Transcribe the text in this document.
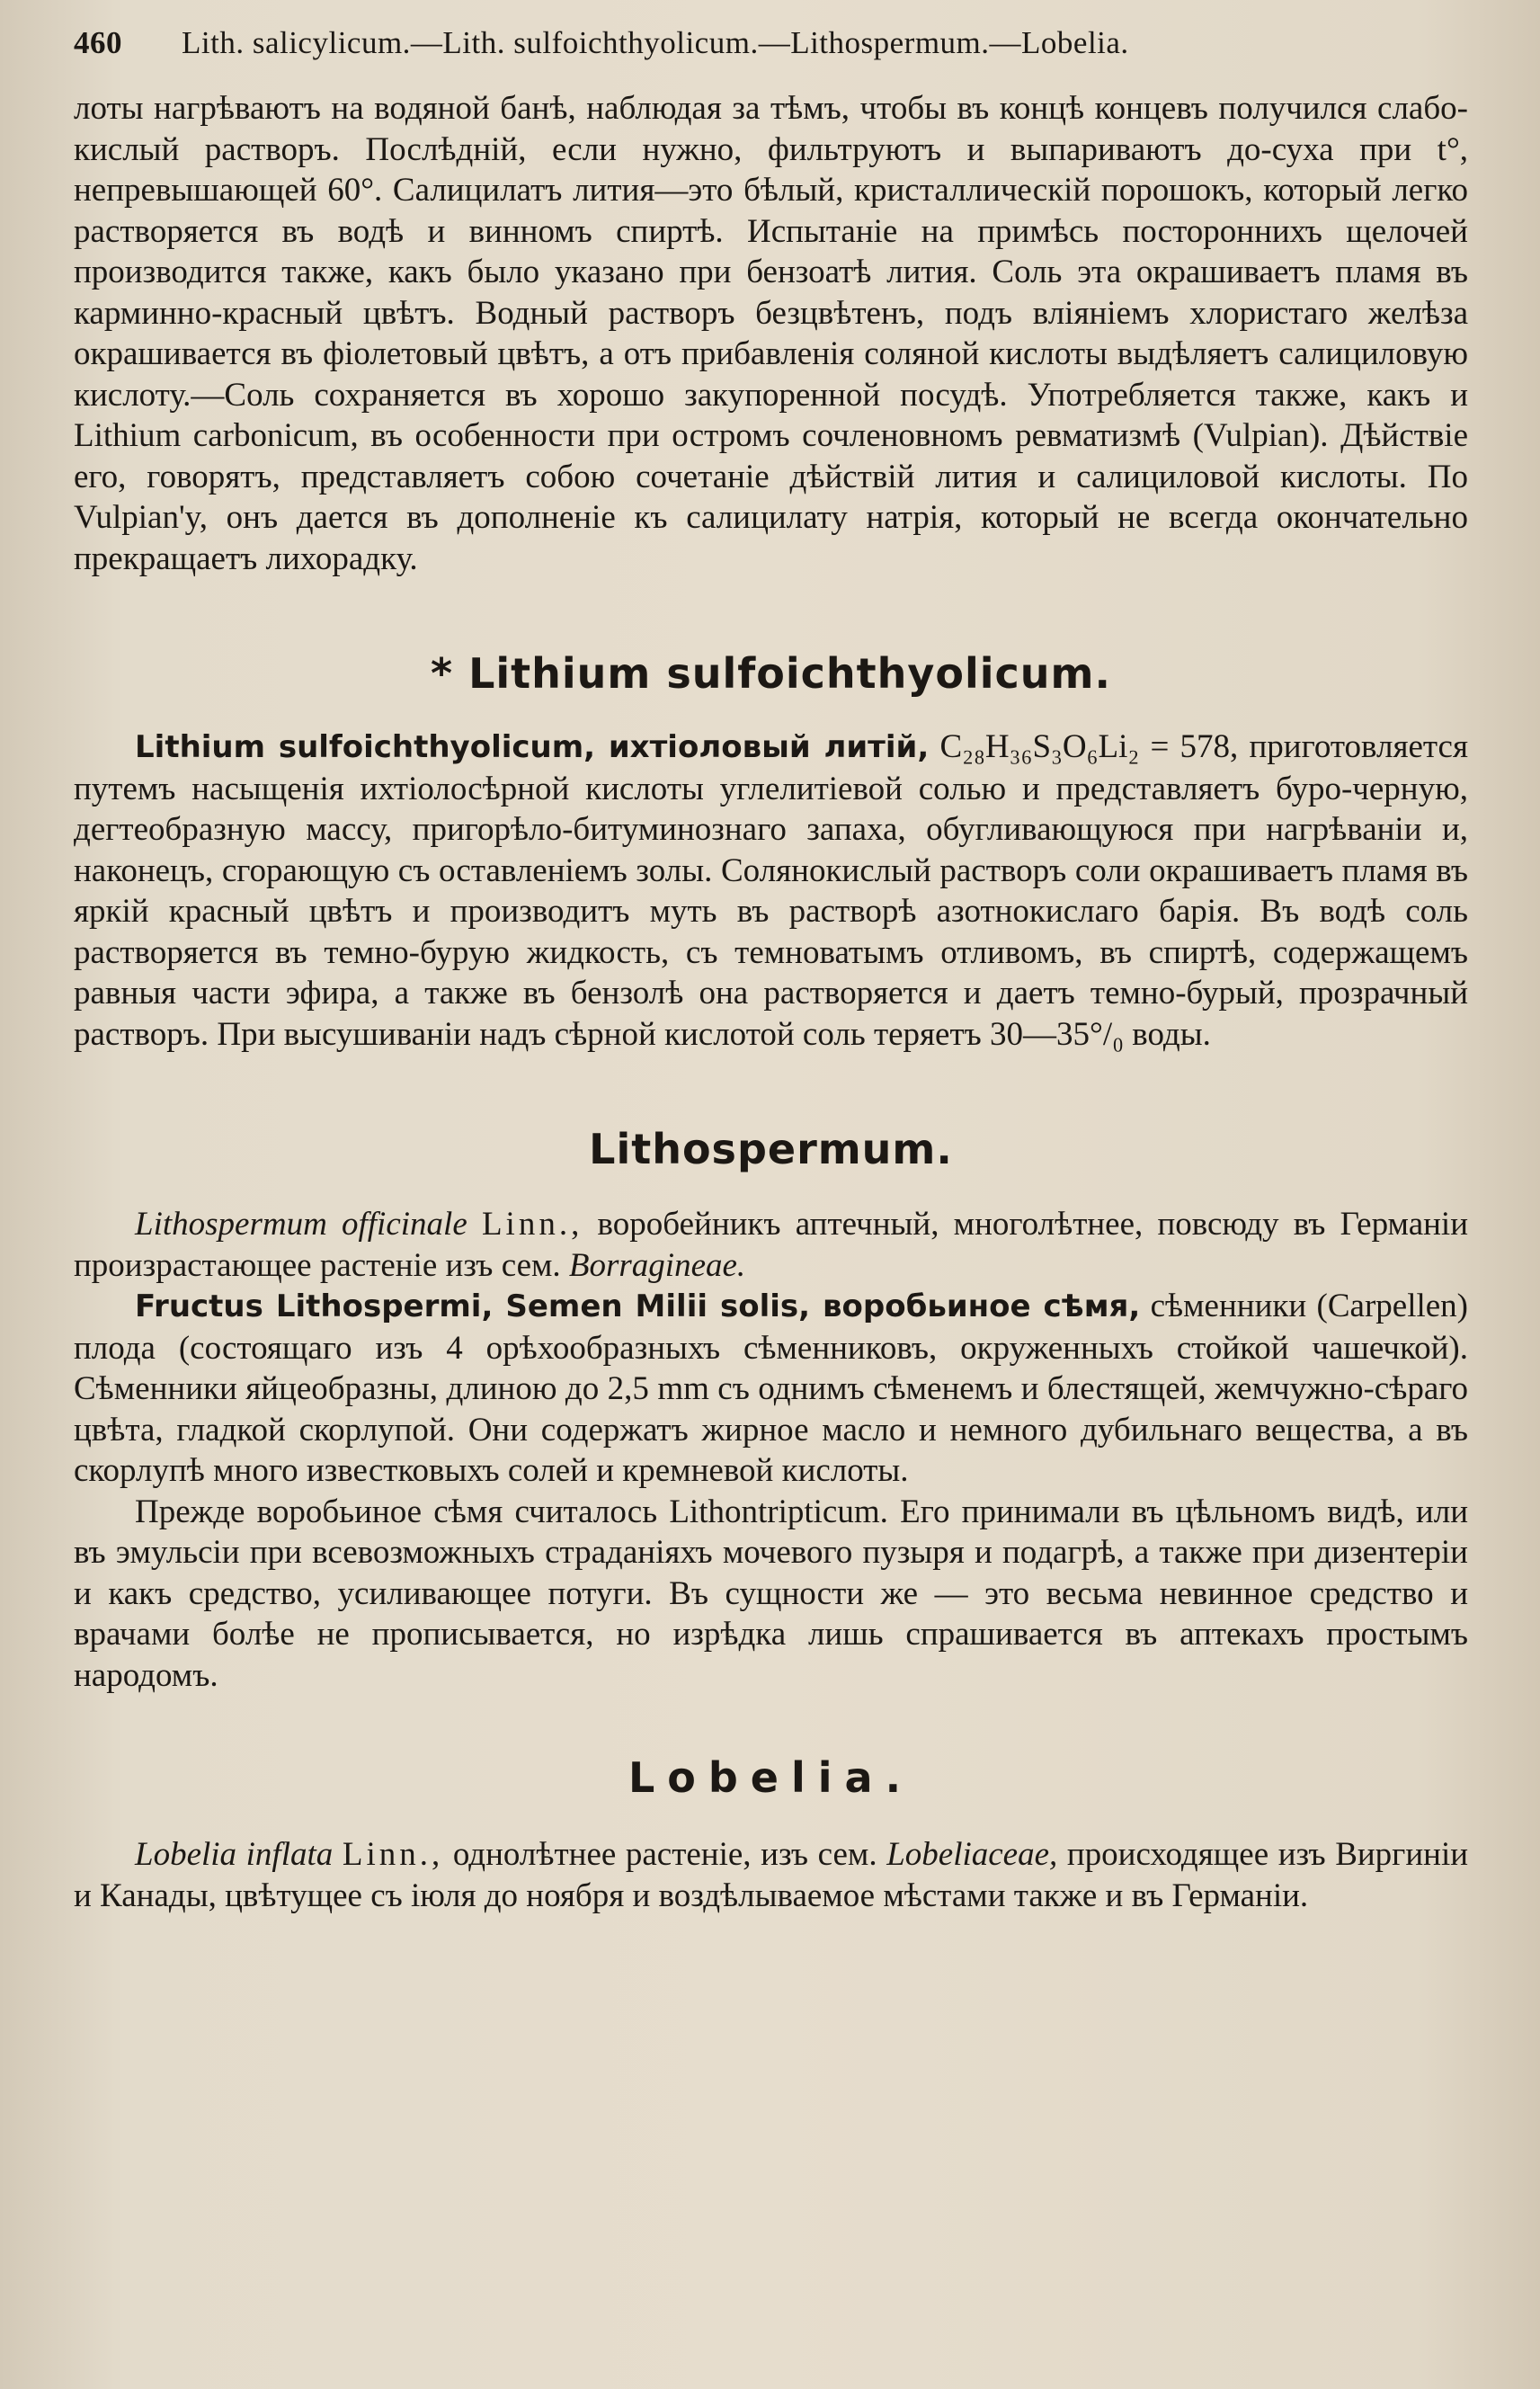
460	Lith. salicylicum.—Lith. sulfoichthyolicum.—Lithospermum.—Lobelia.

лоты нагрѣваютъ на водяной банѣ, наблюдая за тѣмъ, чтобы въ концѣ концевъ получился слабо-кислый растворъ. Послѣдній, если нужно, фильтруютъ и выпариваютъ до-суха при t°, непревышающей 60°. Салицилатъ лития—это бѣлый, кристаллическій порошокъ, который легко растворяется въ водѣ и винномъ спиртѣ. Испытаніе на примѣсь постороннихъ щелочей производится также, какъ было указано при бензоатѣ лития. Соль эта окрашиваетъ пламя въ карминно-красный цвѣтъ. Водный растворъ безцвѣтенъ, подъ вліяніемъ хлористаго желѣза окрашивается въ фіолетовый цвѣтъ, а отъ прибавленія соляной кислоты выдѣляетъ салициловую кислоту.—Соль сохраняется въ хорошо закупоренной посудѣ. Употребляется также, какъ и Lithium carbonicum, въ особенности при остромъ сочленовномъ ревматизмѣ (Vulpian). Дѣйствіе его, говорятъ, представляетъ собою сочетаніе дѣйствій лития и салициловой кислоты. По Vulpian'y, онъ дается въ дополненіе къ салицилату натрія, который не всегда окончательно прекращаетъ лихорадку.

* Lithium sulfoichthyolicum.

Lithium sulfoichthyolicum, ихтіоловый литій, C₂₈H₃₆S₃O₆Li₂ = 578, приготовляется путемъ насыщенія ихтіолосѣрной кислоты углелитіевой солью и представляетъ буро-черную, дегтеобразную массу, пригорѣло-битуминознаго запаха, обугливающуюся при нагрѣваніи и, наконецъ, сгорающую съ оставленіемъ золы. Солянокислый растворъ соли окрашиваетъ пламя въ яркій красный цвѣтъ и производитъ муть въ растворѣ азотнокислаго барія. Въ водѣ соль растворяется въ темно-бурую жидкость, съ темноватымъ отливомъ, въ спиртѣ, содержащемъ равныя части эфира, а также въ бензолѣ она растворяется и даетъ темно-бурый, прозрачный растворъ. При высушиваніи надъ сѣрной кислотой соль теряетъ 30—35°/₀ воды.

Lithospermum.

Lithospermum officinale Linn., воробейникъ аптечный, многолѣтнее, повсюду въ Германіи произрастающее растеніе изъ сем. Borragineae.

Fructus Lithospermi, Semen Milii solis, воробьиное сѣмя, сѣменники (Carpellen) плода (состоящаго изъ 4 орѣхообразныхъ сѣменниковъ, окруженныхъ стойкой чашечкой). Сѣменники яйцеобразны, длиною до 2,5 mm съ однимъ сѣменемъ и блестящей, жемчужно-сѣраго цвѣта, гладкой скорлупой. Они содержатъ жирное масло и немного дубильнаго вещества, а въ скорлупѣ много известковыхъ солей и кремневой кислоты.

Прежде воробьиное сѣмя считалось Lithontripticum. Его принимали въ цѣльномъ видѣ, или въ эмульсіи при всевозможныхъ страданіяхъ мочевого пузыря и подагрѣ, а также при дизентеріи и какъ средство, усиливающее потуги. Въ сущности же — это весьма невинное средство и врачами болѣе не прописывается, но изрѣдка лишь спрашивается въ аптекахъ простымъ народомъ.

Lobelia.

Lobelia inflata Linn., однолѣтнее растеніе, изъ сем. Lobeliaceae, происходящее изъ Виргиніи и Канады, цвѣтущее съ іюля до ноября и воздѣлываемое мѣстами также и въ Германіи.
